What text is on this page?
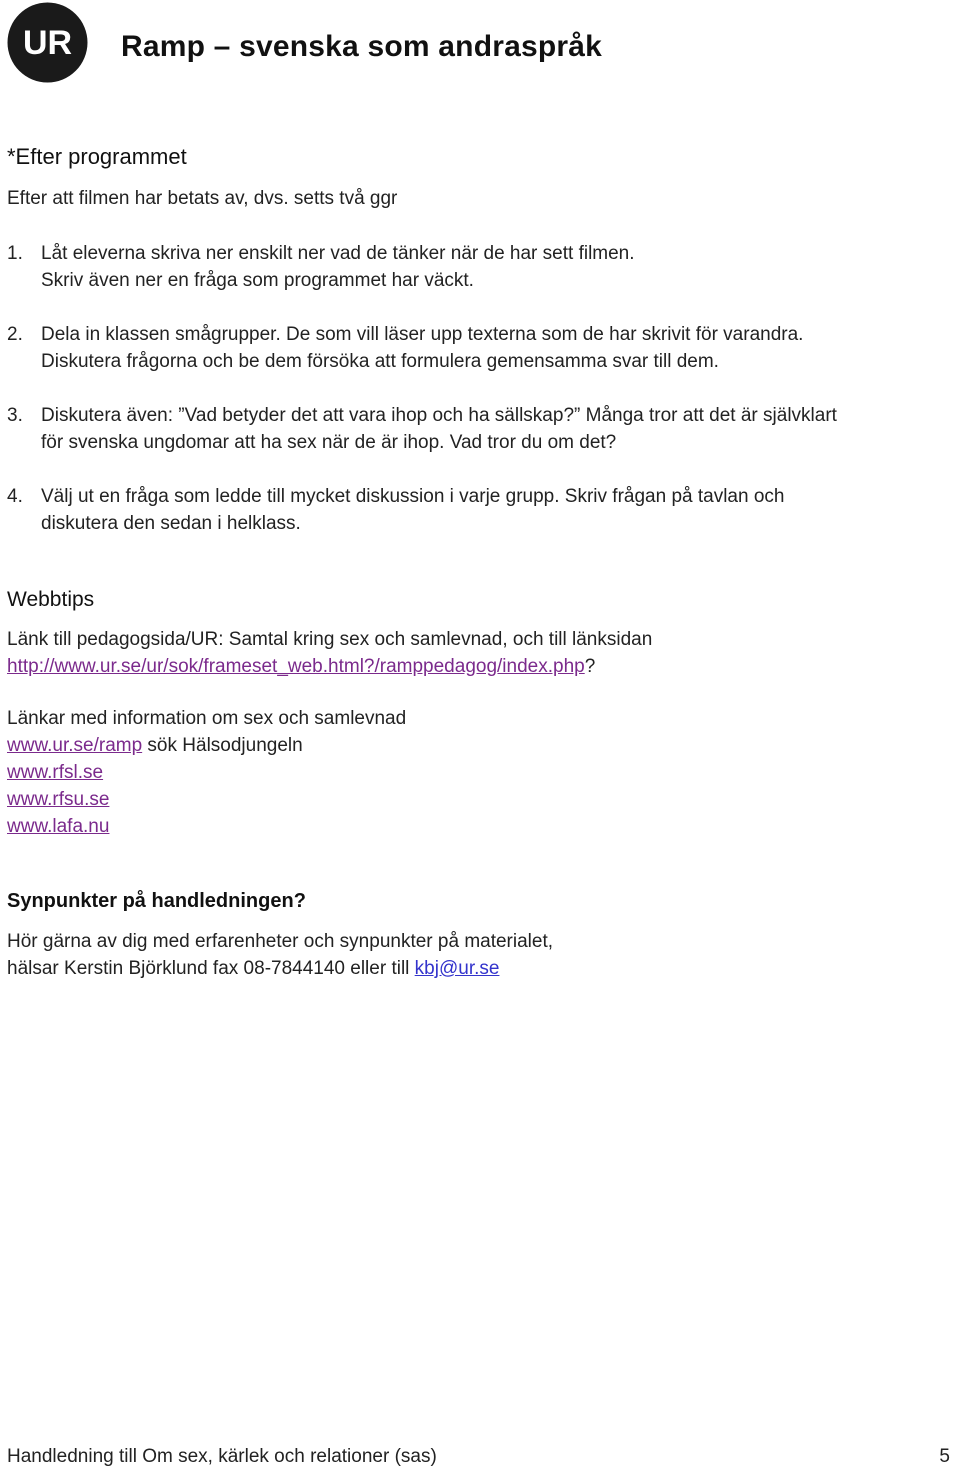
UR Ramp – svenska som andraspråk
*Efter programmet

Efter att filmen har betats av, dvs. setts två ggr

1. Låt eleverna skriva ner enskilt ner vad de tänker när de har sett filmen.
Skriv även ner en fråga som programmet har väckt.
2. Dela in klassen smågrupper. De som vill läser upp texterna som de har skrivit för varandra.
Diskutera frågorna och be dem försöka att formulera gemensamma svar till dem.
3. Diskutera även: ”Vad betyder det att vara ihop och ha sällskap?” Många tror att det är självklart
för svenska ungdomar att ha sex när de är ihop. Vad tror du om det?
4. Välj ut en fråga som ledde till mycket diskussion i varje grupp. Skriv frågan på tavlan och
diskutera den sedan i helklass.
Webbtips

Länk till pedagogsida/UR: Samtal kring sex och samlevnad, och till länksidan
http://www.ur.se/ur/sok/frameset_web.html?/ramppedagog/index.php?

Länkar med information om sex och samlevnad
www.ur.se/ramp sök Hälsodjungeln
www.rfsl.se
www.rfsu.se
www.lafa.nu

Synpunkter på handledningen?

Hör gärna av dig med erfarenheter och synpunkter på materialet,
hälsar Kerstin Björklund fax 08-7844140 eller till kbj@ur.se

Handledning till Om sex, kärlek och relationer (sas)	5
